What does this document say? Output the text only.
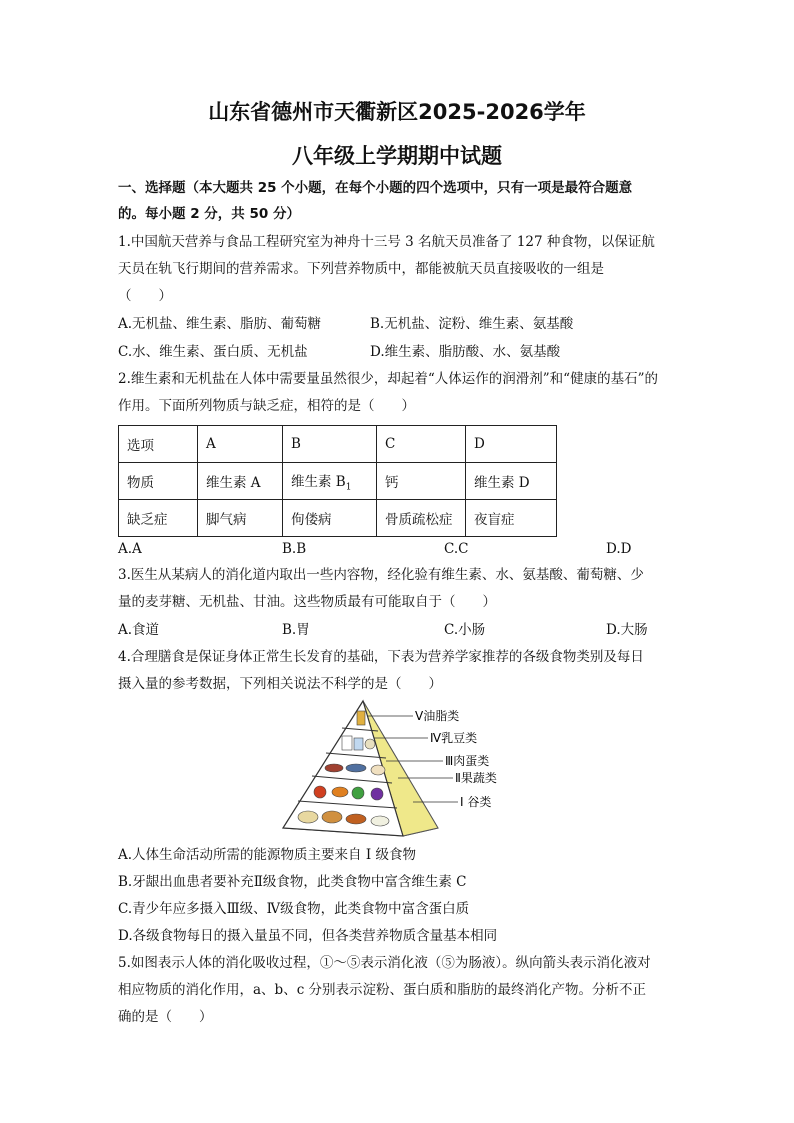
山东省德州市天衢新区2025-2026学年
八年级上学期期中试题
一、选择题（本大题共 25 个小题，在每个小题的四个选项中，只有一项是最符合题意
的。每小题 2 分，共 50 分）
1.中国航天营养与食品工程研究室为神舟十三号 3 名航天员准备了 127 种食物，以保证航
天员在轨飞行期间的营养需求。下列营养物质中，都能被航天员直接吸收的一组是
（　　）
A.无机盐、维生素、脂肪、葡萄糖	B.无机盐、淀粉、维生素、氨基酸
C.水、维生素、蛋白质、无机盐	D.维生素、脂肪酸、水、氨基酸
2.维生素和无机盐在人体中需要量虽然很少，却起着“人体运作的润滑剂”和“健康的基石”的
作用。下面所列物质与缺乏症，相符的是（　　）
选项	A	B	C	D
物质	维生素 A	维生素 $B_1$	钙	维生素 D
缺乏症	脚气病	佝偻病	骨质疏松症	夜盲症
A.A	B.B	C.C	D.D
3.医生从某病人的消化道内取出一些内容物，经化验有维生素、水、氨基酸、葡萄糖、少
量的麦芽糖、无机盐、甘油。这些物质最有可能取自于（　　）
A.食道	B.胃	C.小肠	D.大肠
4.合理膳食是保证身体正常生长发育的基础，下表为营养学家推荐的各级食物类别及每日
摄入量的参考数据，下列相关说法不科学的是（　　）
Ⅴ油脂类
Ⅳ乳豆类
Ⅲ肉蛋类
Ⅱ果蔬类
Ⅰ 谷类
A.人体生命活动所需的能源物质主要来自 I 级食物
B.牙龈出血患者要补充Ⅱ级食物，此类食物中富含维生素 C
C.青少年应多摄入Ⅲ级、Ⅳ级食物，此类食物中富含蛋白质
D.各级食物每日的摄入量虽不同，但各类营养物质含量基本相同
5.如图表示人体的消化吸收过程，①～⑤表示消化液（⑤为肠液）。纵向箭头表示消化液对
相应物质的消化作用，a、b、c 分别表示淀粉、蛋白质和脂肪的最终消化产物。分析不正
确的是（　　）
